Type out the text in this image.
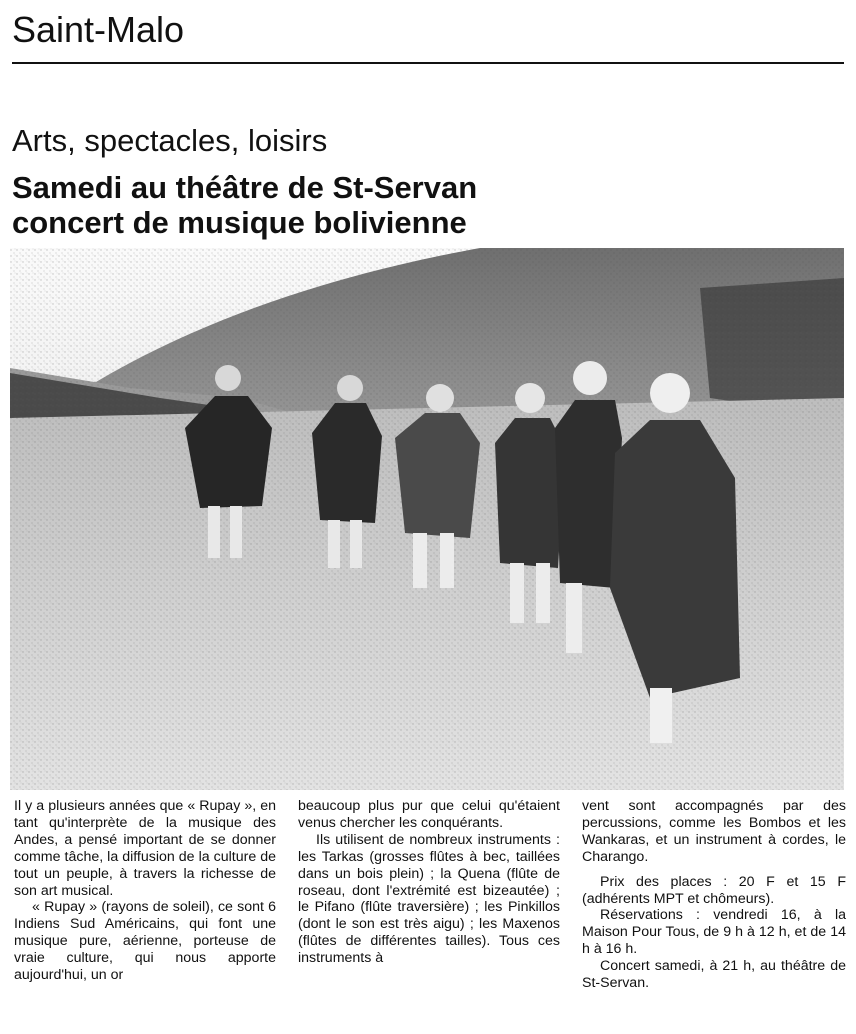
Saint-Malo
Arts, spectacles, loisirs
Samedi au théâtre de St-Servan
concert de musique bolivienne

Il y a plusieurs années que « Rupay », en tant qu'interprète de la musique des Andes, a pensé important de se donner comme tâche, la diffusion de la culture de tout un peuple, à travers la richesse de son art musical.

« Rupay » (rayons de soleil), ce sont 6 Indiens Sud Américains, qui font une musique pure, aérienne, porteuse de vraie culture, qui nous apporte aujourd'hui, un or

beaucoup plus pur que celui qu'étaient venus chercher les conquérants.

Ils utilisent de nombreux instruments : les Tarkas (grosses flûtes à bec, taillées dans un bois plein) ; la Quena (flûte de roseau, dont l'extrémité est bizeautée) ; le Pifano (flûte traversière) ; les Pinkillos (dont le son est très aigu) ; les Maxenos (flûtes de différentes tailles). Tous ces instruments à

vent sont accompagnés par des percussions, comme les Bombos et les Wankaras, et un instrument à cordes, le Charango.

Prix des places : 20 F et 15 F (adhérents MPT et chômeurs).

Réservations : vendredi 16, à la Maison Pour Tous, de 9 h à 12 h, et de 14 h à 16 h.

Concert samedi, à 21 h, au théâtre de St-Servan.
